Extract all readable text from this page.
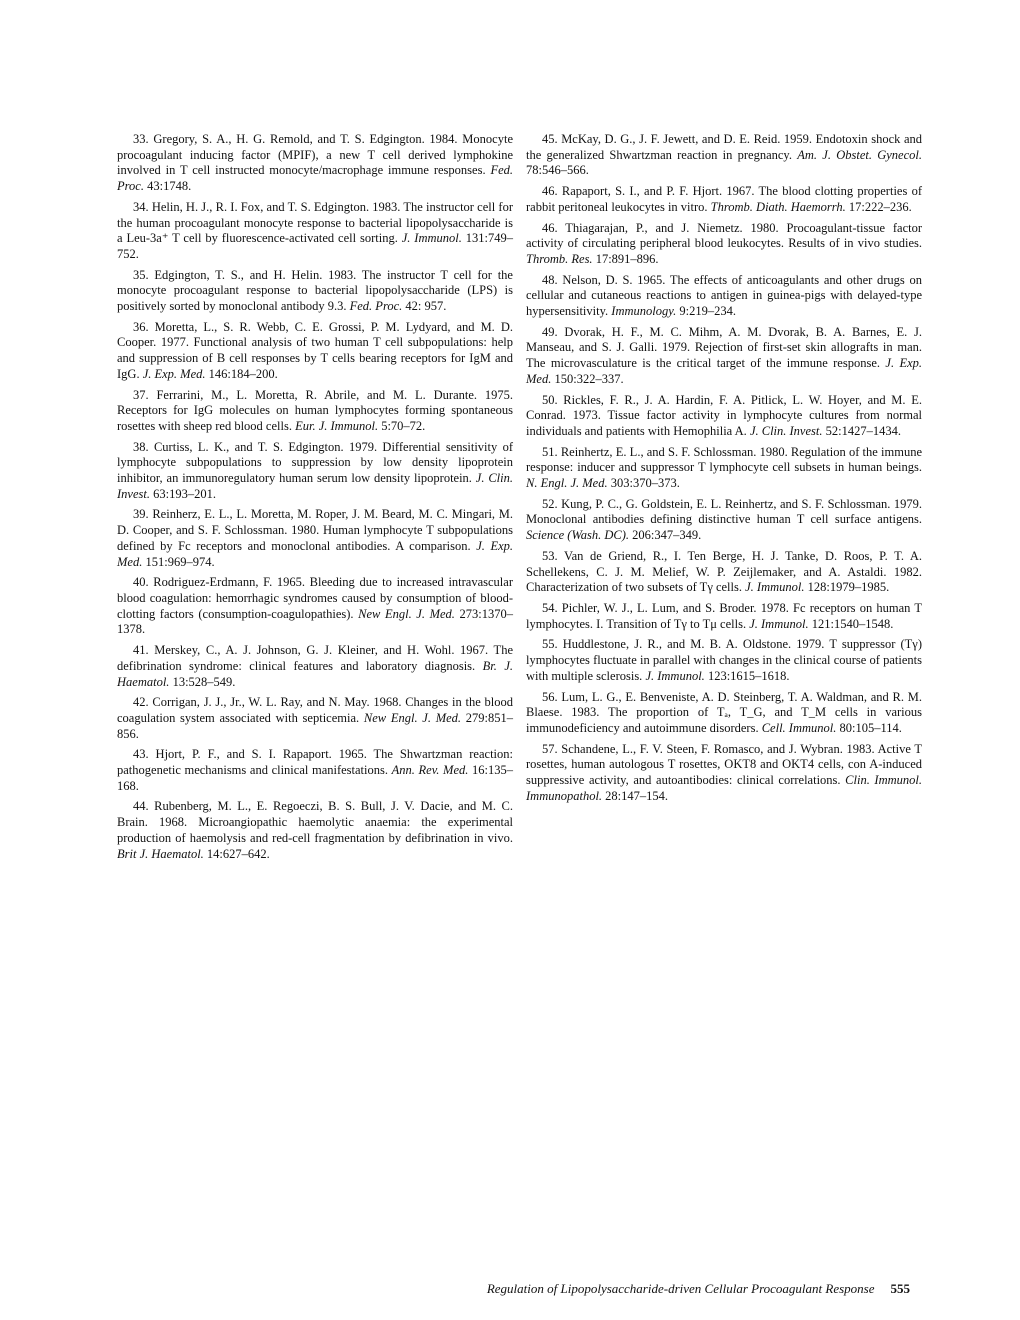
33. Gregory, S. A., H. G. Remold, and T. S. Edgington. 1984. Monocyte procoagulant inducing factor (MPIF), a new T cell derived lymphokine involved in T cell instructed monocyte/macrophage immune responses. Fed. Proc. 43:1748.

34. Helin, H. J., R. I. Fox, and T. S. Edgington. 1983. The instructor cell for the human procoagulant monocyte response to bacterial lipopolysaccharide is a Leu-3a⁺ T cell by fluorescence-activated cell sorting. J. Immunol. 131:749–752.

35. Edgington, T. S., and H. Helin. 1983. The instructor T cell for the monocyte procoagulant response to bacterial lipopolysaccharide (LPS) is positively sorted by monoclonal antibody 9.3. Fed. Proc. 42: 957.

36. Moretta, L., S. R. Webb, C. E. Grossi, P. M. Lydyard, and M. D. Cooper. 1977. Functional analysis of two human T cell subpopulations: help and suppression of B cell responses by T cells bearing receptors for IgM and IgG. J. Exp. Med. 146:184–200.

37. Ferrarini, M., L. Moretta, R. Abrile, and M. L. Durante. 1975. Receptors for IgG molecules on human lymphocytes forming spontaneous rosettes with sheep red blood cells. Eur. J. Immunol. 5:70–72.

38. Curtiss, L. K., and T. S. Edgington. 1979. Differential sensitivity of lymphocyte subpopulations to suppression by low density lipoprotein inhibitor, an immunoregulatory human serum low density lipoprotein. J. Clin. Invest. 63:193–201.

39. Reinherz, E. L., L. Moretta, M. Roper, J. M. Beard, M. C. Mingari, M. D. Cooper, and S. F. Schlossman. 1980. Human lymphocyte T subpopulations defined by Fc receptors and monoclonal antibodies. A comparison. J. Exp. Med. 151:969–974.

40. Rodriguez-Erdmann, F. 1965. Bleeding due to increased intravascular blood coagulation: hemorrhagic syndromes caused by consumption of blood-clotting factors (consumption-coagulopathies). New Engl. J. Med. 273:1370–1378.

41. Merskey, C., A. J. Johnson, G. J. Kleiner, and H. Wohl. 1967. The defibrination syndrome: clinical features and laboratory diagnosis. Br. J. Haematol. 13:528–549.

42. Corrigan, J. J., Jr., W. L. Ray, and N. May. 1968. Changes in the blood coagulation system associated with septicemia. New Engl. J. Med. 279:851–856.

43. Hjort, P. F., and S. I. Rapaport. 1965. The Shwartzman reaction: pathogenetic mechanisms and clinical manifestations. Ann. Rev. Med. 16:135–168.

44. Rubenberg, M. L., E. Regoeczi, B. S. Bull, J. V. Dacie, and M. C. Brain. 1968. Microangiopathic haemolytic anaemia: the experimental production of haemolysis and red-cell fragmentation by defibrination in vivo. Brit J. Haematol. 14:627–642.

45. McKay, D. G., J. F. Jewett, and D. E. Reid. 1959. Endotoxin shock and the generalized Shwartzman reaction in pregnancy. Am. J. Obstet. Gynecol. 78:546–566.

46. Rapaport, S. I., and P. F. Hjort. 1967. The blood clotting properties of rabbit peritoneal leukocytes in vitro. Thromb. Diath. Haemorrh. 17:222–236.

46. Thiagarajan, P., and J. Niemetz. 1980. Procoagulant-tissue factor activity of circulating peripheral blood leukocytes. Results of in vivo studies. Thromb. Res. 17:891–896.

48. Nelson, D. S. 1965. The effects of anticoagulants and other drugs on cellular and cutaneous reactions to antigen in guinea-pigs with delayed-type hypersensitivity. Immunology. 9:219–234.

49. Dvorak, H. F., M. C. Mihm, A. M. Dvorak, B. A. Barnes, E. J. Manseau, and S. J. Galli. 1979. Rejection of first-set skin allografts in man. The microvasculature is the critical target of the immune response. J. Exp. Med. 150:322–337.

50. Rickles, F. R., J. A. Hardin, F. A. Pitlick, L. W. Hoyer, and M. E. Conrad. 1973. Tissue factor activity in lymphocyte cultures from normal individuals and patients with Hemophilia A. J. Clin. Invest. 52:1427–1434.

51. Reinhertz, E. L., and S. F. Schlossman. 1980. Regulation of the immune response: inducer and suppressor T lymphocyte cell subsets in human beings. N. Engl. J. Med. 303:370–373.

52. Kung, P. C., G. Goldstein, E. L. Reinhertz, and S. F. Schlossman. 1979. Monoclonal antibodies defining distinctive human T cell surface antigens. Science (Wash. DC). 206:347–349.

53. Van de Griend, R., I. Ten Berge, H. J. Tanke, D. Roos, P. T. A. Schellekens, C. J. M. Melief, W. P. Zeijlemaker, and A. Astaldi. 1982. Characterization of two subsets of Tγ cells. J. Immunol. 128:1979–1985.

54. Pichler, W. J., L. Lum, and S. Broder. 1978. Fc receptors on human T lymphocytes. I. Transition of Tγ to Tμ cells. J. Immunol. 121:1540–1548.

55. Huddlestone, J. R., and M. B. A. Oldstone. 1979. T suppressor (Tγ) lymphocytes fluctuate in parallel with changes in the clinical course of patients with multiple sclerosis. J. Immunol. 123:1615–1618.

56. Lum, L. G., E. Benveniste, A. D. Steinberg, T. A. Waldman, and R. M. Blaese. 1983. The proportion of Tₐ, T_G, and T_M cells in various immunodeficiency and autoimmune disorders. Cell. Immunol. 80:105–114.

57. Schandene, L., F. V. Steen, F. Romasco, and J. Wybran. 1983. Active T rosettes, human autologous T rosettes, OKT8 and OKT4 cells, con A-induced suppressive activity, and autoantibodies: clinical correlations. Clin. Immunol. Immunopathol. 28:147–154.

Regulation of Lipopolysaccharide-driven Cellular Procoagulant Response 555
